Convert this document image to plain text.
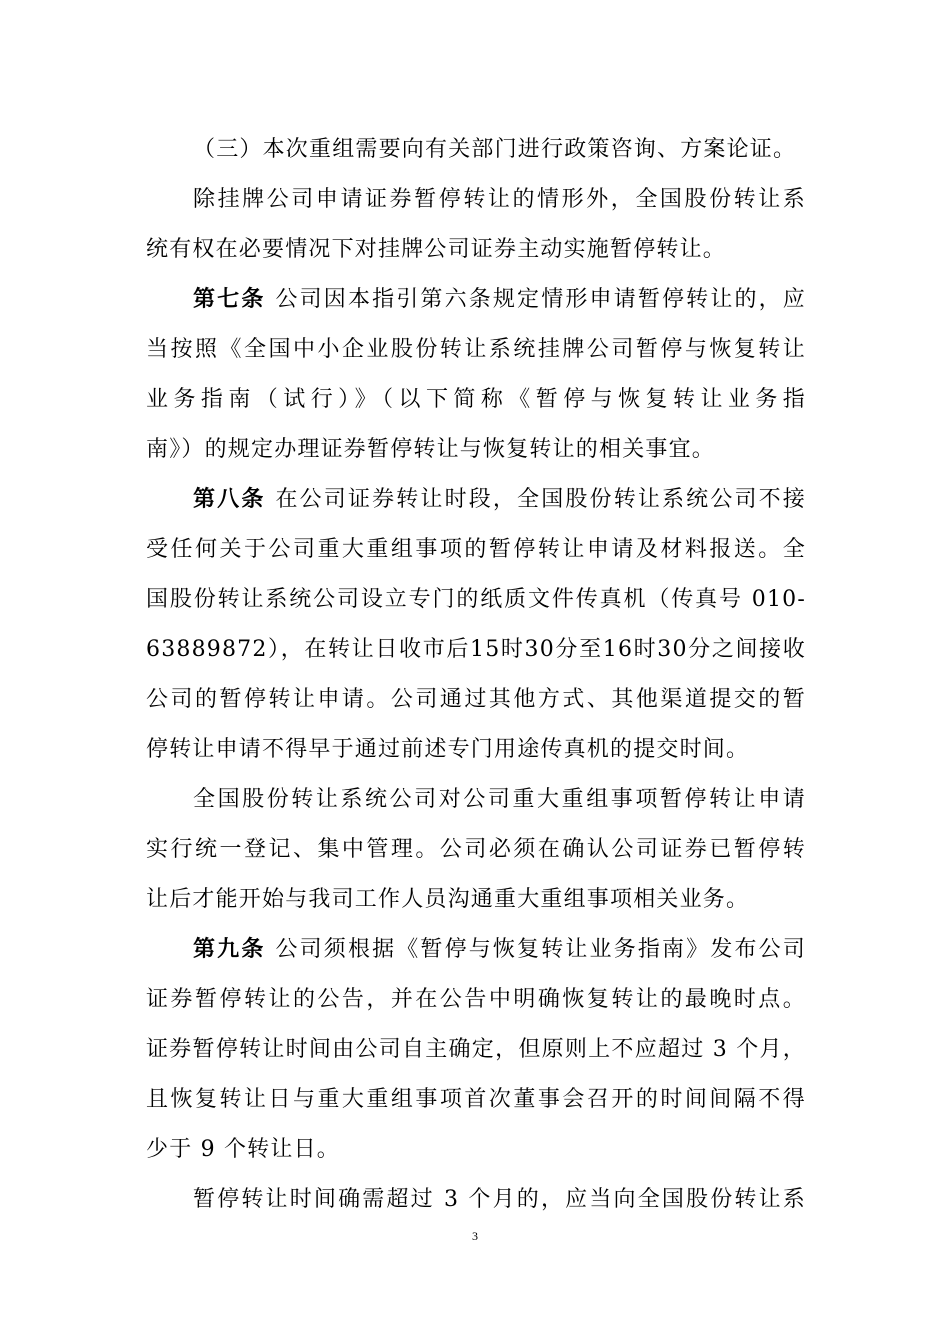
（三）本次重组需要向有关部门进行政策咨询、方案论证。
除挂牌公司申请证券暂停转让的情形外，全国股份转让系
统有权在必要情况下对挂牌公司证券主动实施暂停转让。
第七条 公司因本指引第六条规定情形申请暂停转让的，应
当按照《全国中小企业股份转让系统挂牌公司暂停与恢复转让
业务指南（试行）》（以下简称《暂停与恢复转让业务指
南》）的规定办理证券暂停转让与恢复转让的相关事宜。
第八条 在公司证券转让时段，全国股份转让系统公司不接
受任何关于公司重大重组事项的暂停转让申请及材料报送。全
国股份转让系统公司设立专门的纸质文件传真机（传真号 010-
63889872），在转让日收市后15时30分至16时30分之间接收
公司的暂停转让申请。公司通过其他方式、其他渠道提交的暂
停转让申请不得早于通过前述专门用途传真机的提交时间。
全国股份转让系统公司对公司重大重组事项暂停转让申请
实行统一登记、集中管理。公司必须在确认公司证券已暂停转
让后才能开始与我司工作人员沟通重大重组事项相关业务。
第九条 公司须根据《暂停与恢复转让业务指南》发布公司
证券暂停转让的公告，并在公告中明确恢复转让的最晚时点。
证券暂停转让时间由公司自主确定，但原则上不应超过 3 个月，
且恢复转让日与重大重组事项首次董事会召开的时间间隔不得
少于 9 个转让日。
暂停转让时间确需超过 3 个月的，应当向全国股份转让系
3
